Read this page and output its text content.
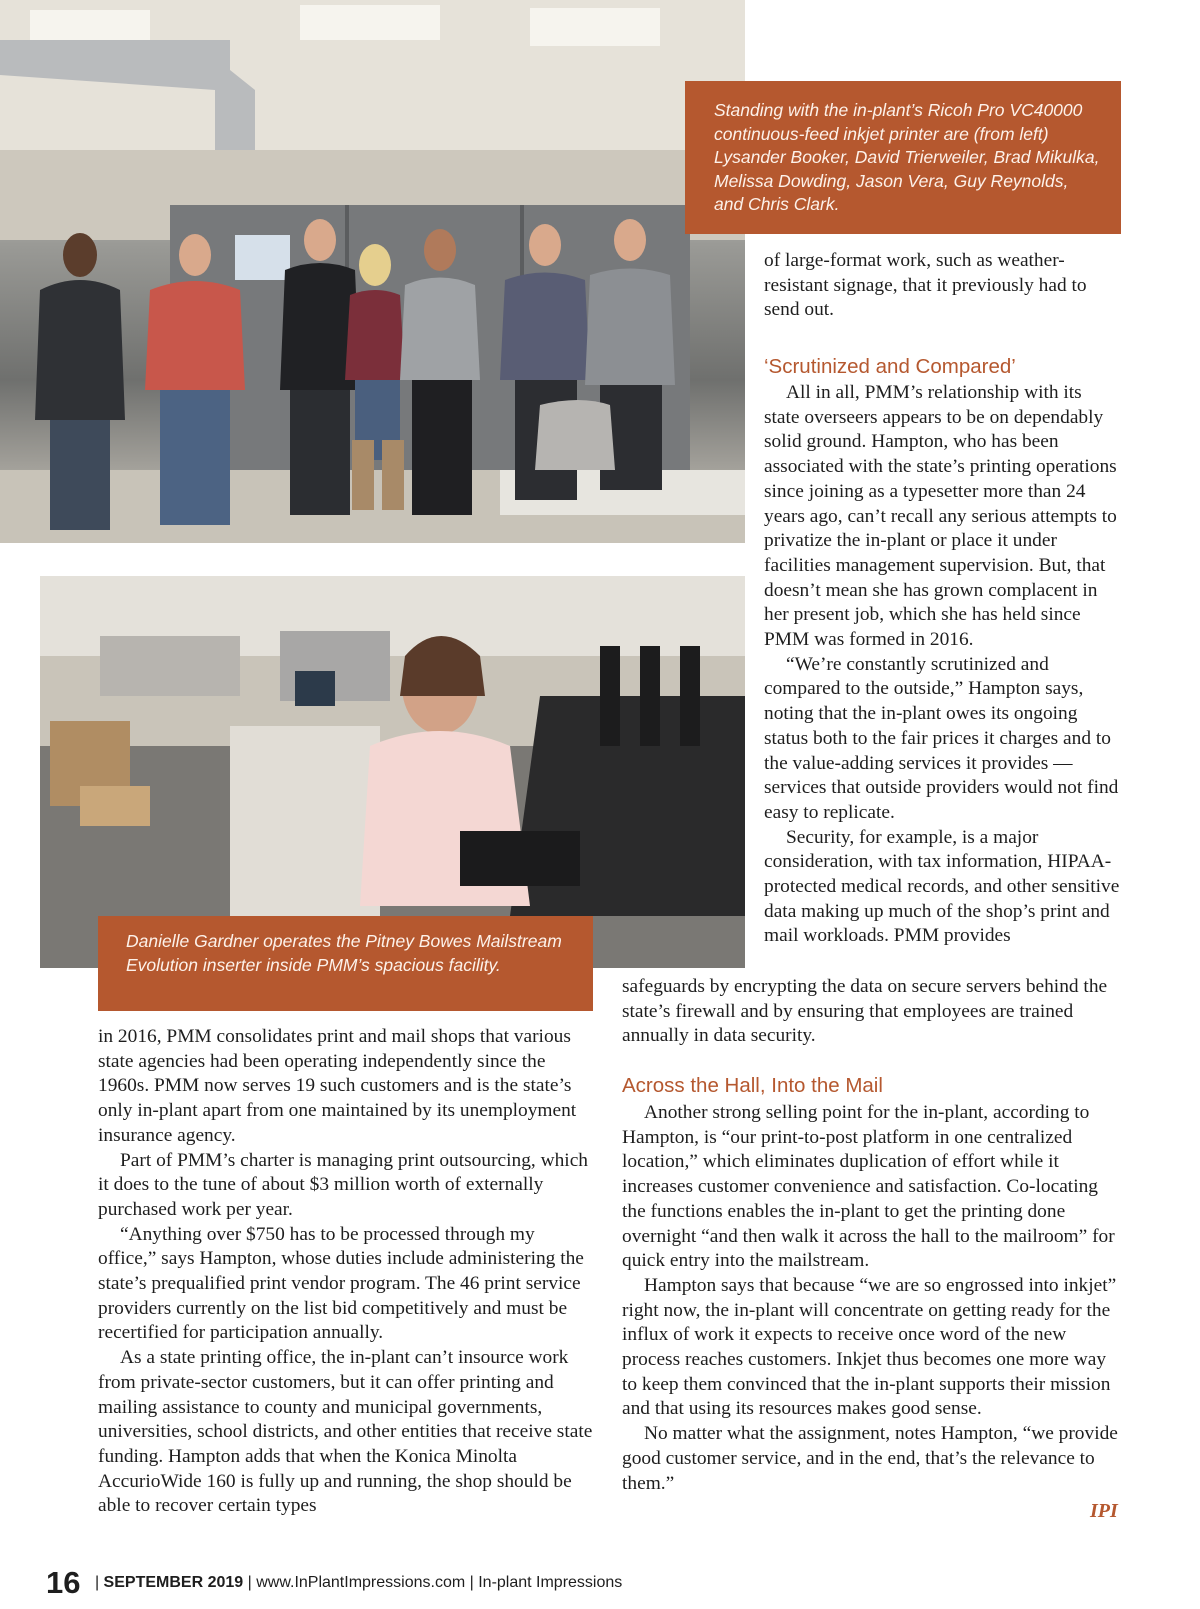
Standing with the in-plant’s Ricoh Pro VC40000 continuous-feed inkjet printer are (from left) Lysander Booker, David Trierweiler, Brad Mikulka, Melissa Dowding, Jason Vera, Guy Reynolds, and Chris Clark.
Danielle Gardner operates the Pitney Bowes Mailstream Evolution inserter inside PMM’s spacious facility.

of large-format work, such as weather-resistant signage, that it previously had to send out.

‘Scrutinized and Compared’

All in all, PMM’s relationship with its state overseers appears to be on dependably solid ground. Hampton, who has been associated with the state’s printing operations since joining as a typesetter more than 24 years ago, can’t recall any serious attempts to privatize the in-plant or place it under facilities management supervision. But, that doesn’t mean she has grown complacent in her present job, which she has held since PMM was formed in 2016.

“We’re constantly scrutinized and compared to the outside,” Hampton says, noting that the in-plant owes its ongoing status both to the fair prices it charges and to the value-adding services it provides — services that outside providers would not find easy to replicate.

Security, for example, is a major consideration, with tax information, HIPAA-protected medical records, and other sensitive data making up much of the shop’s print and mail workloads. PMM provides

safeguards by encrypting the data on secure servers behind the state’s firewall and by ensuring that employees are trained annually in data security.

Across the Hall, Into the Mail

Another strong selling point for the in-plant, according to Hampton, is “our print-to-post platform in one centralized location,” which eliminates duplication of effort while it increases customer convenience and satisfaction. Co-locating the functions enables the in-plant to get the printing done overnight “and then walk it across the hall to the mailroom” for quick entry into the mailstream.

Hampton says that because “we are so engrossed into inkjet” right now, the in-plant will concentrate on getting ready for the influx of work it expects to receive once word of the new process reaches customers. Inkjet thus becomes one more way to keep them convinced that the in-plant supports their mission and that using its resources makes good sense.

No matter what the assignment, notes Hampton, “we provide good customer service, and in the end, that’s the relevance to them.”

IPI

in 2016, PMM consolidates print and mail shops that various state agencies had been operating independently since the 1960s. PMM now serves 19 such customers and is the state’s only in-plant apart from one maintained by its unemployment insurance agency.

Part of PMM’s charter is managing print outsourcing, which it does to the tune of about $3 million worth of externally purchased work per year.

“Anything over $750 has to be processed through my office,” says Hampton, whose duties include administering the state’s prequalified print vendor program. The 46 print service providers currently on the list bid competitively and must be recertified for participation annually.

As a state printing office, the in-plant can’t insource work from private-sector customers, but it can offer printing and mailing assistance to county and municipal governments, universities, school districts, and other entities that receive state funding. Hampton adds that when the Konica Minolta AccurioWide 160 is fully up and running, the shop should be able to recover certain types

16 | SEPTEMBER 2019 | www.InPlantImpressions.com | In-plant Impressions
